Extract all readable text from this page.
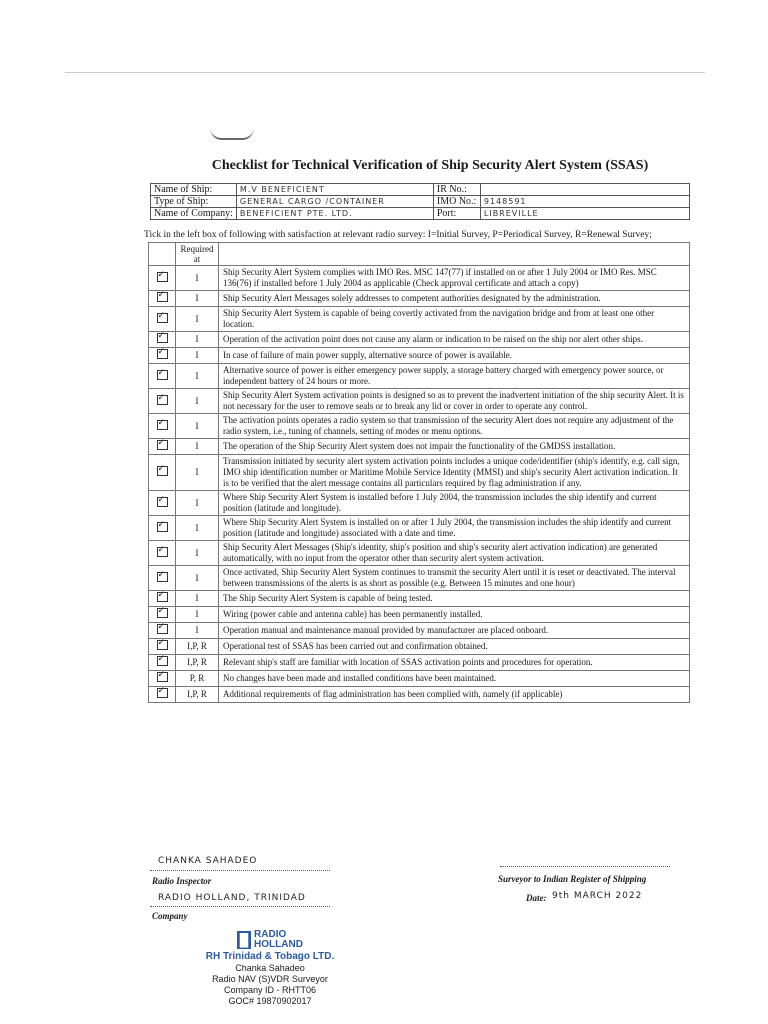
Checklist for Technical Verification of Ship Security Alert System (SSAS)
Name of Ship:	M.V BENEFICIENT	IR No.:	
Type of Ship:	GENERAL CARGO /CONTAINER	IMO No.:	9148591
Name of Company:	BENEFICIENT PTE. LTD.	Port:	LIBREVILLE
Tick in the left box of following with satisfaction at relevant radio survey: I=Initial Survey, P=Periodical Survey, R=Renewal Survey;
	Required at	
✓	I	Ship Security Alert System complies with IMO Res. MSC 147(77) if installed on or after 1 July 2004 or IMO Res. MSC 136(76) if installed before 1 July 2004 as applicable (Check approval certificate and attach a copy)
✓	I	Ship Security Alert Messages solely addresses to competent authorities designated by the administration.
✓	I	Ship Security Alert System is capable of being covertly activated from the navigation bridge and from at least one other location.
✓	I	Operation of the activation point does not cause any alarm or indication to be raised on the ship nor alert other ships.
✓	I	In case of failure of main power supply, alternative source of power is available.
✓	I	Alternative source of power is either emergency power supply, a storage battery charged with emergency power source, or independent battery of 24 hours or more.
✓	I	Ship Security Alert System activation points is designed so as to prevent the inadvertent initiation of the ship security Alert. It is not necessary for the user to remove seals or to break any lid or cover in order to operate any control.
✓	I	The activation points operates a radio system so that transmission of the security Alert does not require any adjustment of the radio system, i.e., tuning of channels, setting of modes or menu options.
✓	I	The operation of the Ship Security Alert system does not impair the functionality of the GMDSS installation.
✓	I	Transmission initiated by security alert system activation points includes a unique code/identifier (ship's identify, e.g. call sign, IMO ship identification number or Maritime Mobile Service Identity (MMSI) and ship's security Alert activation indication. It is to be verified that the alert message contains all particulars required by flag administration if any.
✓	I	Where Ship Security Alert System is installed before 1 July 2004, the transmission includes the ship identify and current position (latitude and longitude).
✓	I	Where Ship Security Alert System is installed on or after 1 July 2004, the transmission includes the ship identify and current position (latitude and longitude) associated with a date and time.
✓	I	Ship Security Alert Messages (Ship's identity, ship's position and ship's security alert activation indication) are generated automatically, with no input from the operator other than security alert system activation.
✓	I	Once activated, Ship Security Alert System continues to transmit the security Alert until it is reset or deactivated. The interval between transmissions of the alerts is as short as possible (e.g. Between 15 minutes and one hour)
✓	I	The Ship Security Alert System is capable of being tested.
✓	I	Wiring (power cable and antenna cable) has been permanently installed.
✓	I	Operation manual and maintenance manual provided by manufacturer are placed onboard.
✓	I,P, R	Operational test of SSAS has been carried out and confirmation obtained.
✓	I,P, R	Relevant ship's staff are familiar with location of SSAS activation points and procedures for operation.
✓	P, R	No changes have been made and installed conditions have been maintained.
✓	I,P, R	Additional requirements of flag administration has been complied with, namely (if applicable)
CHANKA SAHADEO
Radio Inspector
RADIO HOLLAND, TRINIDAD
Company
Surveyor to Indian Register of Shipping
Date: 9th MARCH 2022
█ RADIO
HOLLAND
RH Trinidad & Tobago LTD.
Chanka Sahadeo
Radio NAV (S)VDR Surveyor
Company ID - RHTT06
GOC# 19870902017
